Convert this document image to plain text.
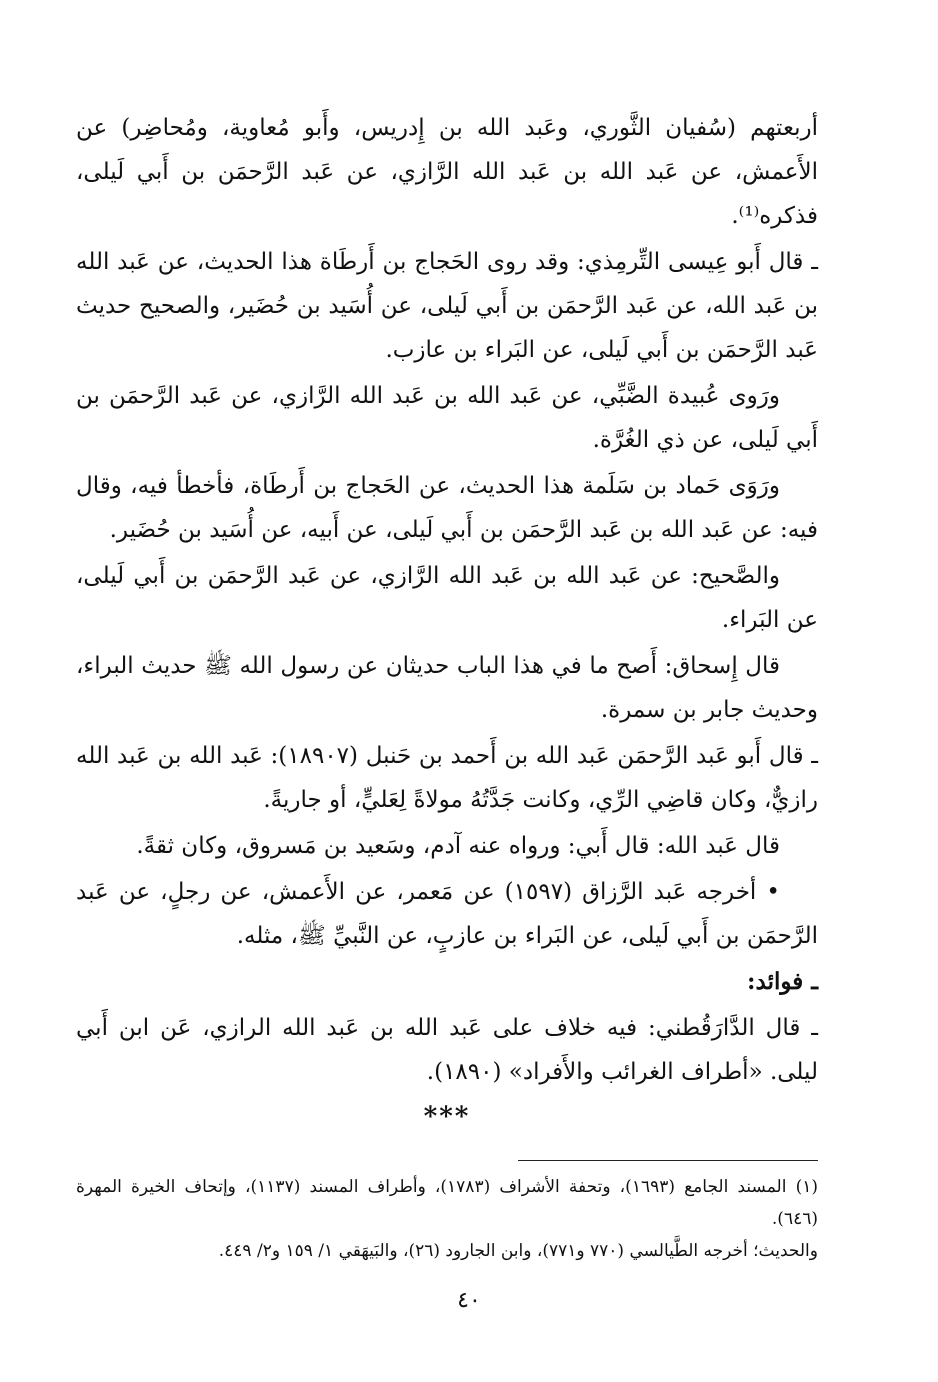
أربعتهم (سُفيان الثَّوري، وعَبد الله بن إِدريس، وأَبو مُعاوية، ومُحاضِر) عن الأَعمش، عن عَبد الله بن عَبد الله الرَّازي، عن عَبد الرَّحمَن بن أَبي لَيلى، فذكره⁽¹⁾.

ـ قال أَبو عِيسى التِّرمِذي: وقد روى الحَجاج بن أَرطَاة هذا الحديث، عن عَبد الله بن عَبد الله، عن عَبد الرَّحمَن بن أَبي لَيلى، عن أُسَيد بن حُضَير، والصحيح حديث عَبد الرَّحمَن بن أَبي لَيلى، عن البَراء بن عازب.

ورَوى عُبيدة الضَّبِّي، عن عَبد الله بن عَبد الله الرَّازي، عن عَبد الرَّحمَن بن أَبي لَيلى، عن ذي الغُرَّة.

ورَوَى حَماد بن سَلَمة هذا الحديث، عن الحَجاج بن أَرطَاة، فأخطأ فيه، وقال فيه: عن عَبد الله بن عَبد الرَّحمَن بن أَبي لَيلى، عن أَبيه، عن أُسَيد بن حُضَير.

والصَّحيح: عن عَبد الله بن عَبد الله الرَّازي، عن عَبد الرَّحمَن بن أَبي لَيلى، عن البَراء.

قال إِسحاق: أَصح ما في هذا الباب حديثان عن رسول الله ﷺ حديث البراء، وحديث جابر بن سمرة.

ـ قال أَبو عَبد الرَّحمَن عَبد الله بن أَحمد بن حَنبل (١٨٩٠٧): عَبد الله بن عَبد الله رازيٌّ، وكان قاضِي الرِّي، وكانت جَدَّتُهُ مولاةً لِعَليٍّ، أو جاريةً.

قال عَبد الله: قال أَبي: ورواه عنه آدم، وسَعيد بن مَسروق، وكان ثقةً.

• أخرجه عَبد الرَّزاق (١٥٩٧) عن مَعمر، عن الأَعمش، عن رجلٍ، عن عَبد الرَّحمَن بن أَبي لَيلى، عن البَراء بن عازبٍ، عن النَّبيِّ ﷺ، مثله.

ـ فوائد:

ـ قال الدَّارَقُطني: فيه خلاف على عَبد الله بن عَبد الله الرازي، عَن ابن أَبي ليلى. «أطراف الغرائب والأَفراد» (١٨٩٠).

***

(١) المسند الجامع (١٦٩٣)، وتحفة الأشراف (١٧٨٣)، وأطراف المسند (١١٣٧)، وإتحاف الخيرة المهرة (٦٤٦).

والحديث؛ أخرجه الطَّيالسي (٧٧٠ و٧٧١)، وابن الجارود (٢٦)، والبَيهَقي ١/ ١٥٩ و٢/ ٤٤٩.

٤٠
